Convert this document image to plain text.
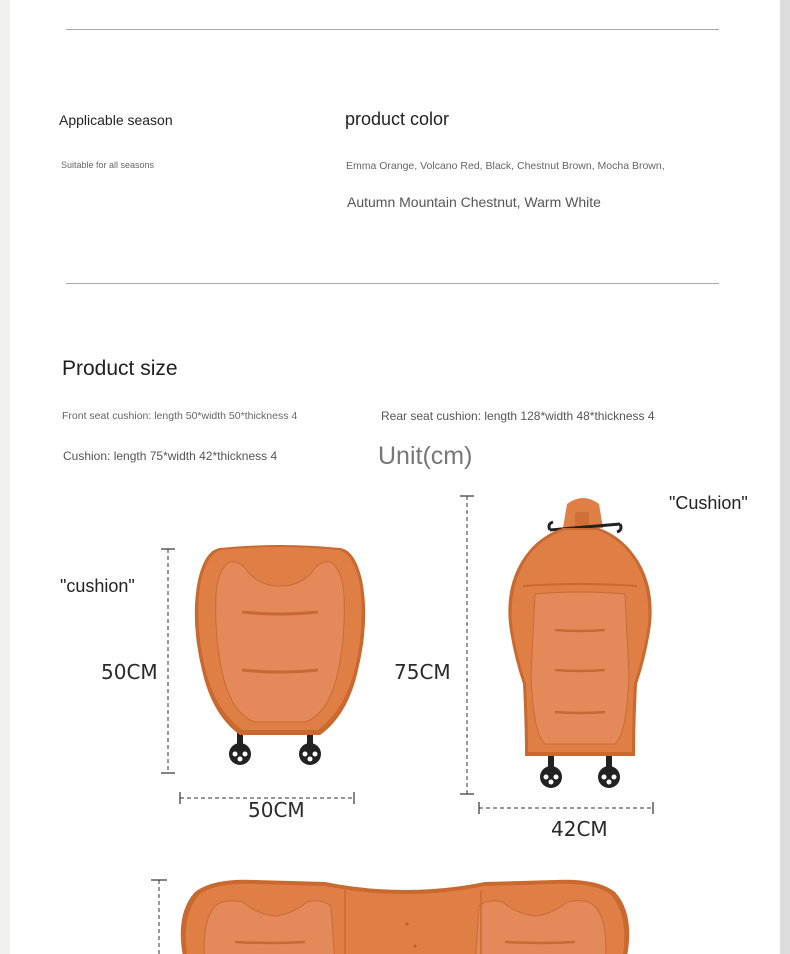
Applicable season
Suitable for all seasons
product color
Emma Orange, Volcano Red, Black, Chestnut Brown, Mocha Brown,
Autumn Mountain Chestnut, Warm White
Product size
Front seat cushion: length 50*width 50*thickness 4	Rear seat cushion: length 128*width 48*thickness 4
Cushion: length 75*width 42*thickness 4	Unit(cm)
"cushion"
50CM
50CM
"Cushion"
75CM
42CM
